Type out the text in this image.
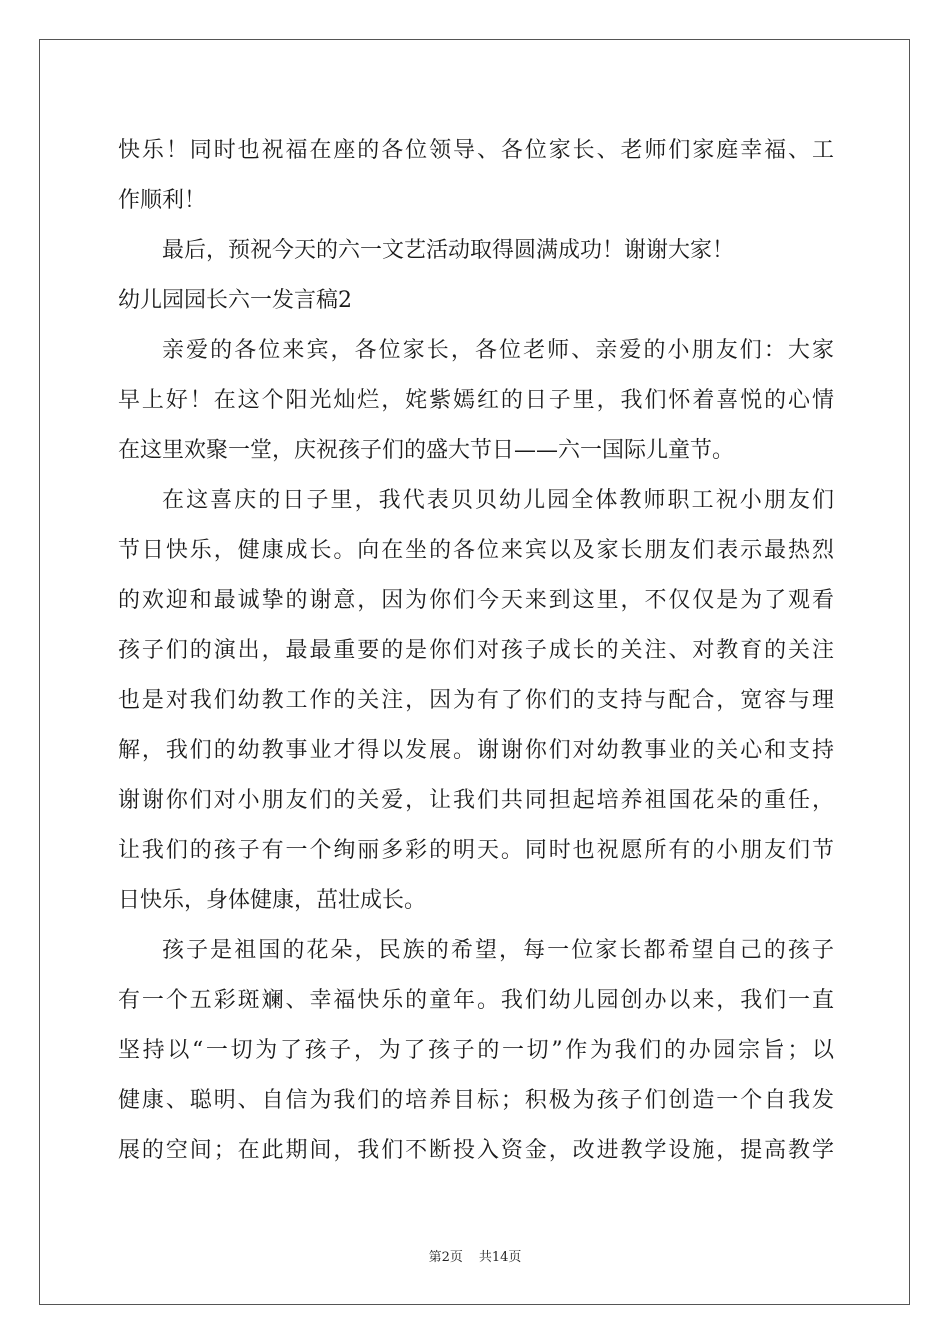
快乐！同时也祝福在座的各位领导、各位家长、老师们家庭幸福、工
作顺利！
最后，预祝今天的六一文艺活动取得圆满成功！谢谢大家！
幼儿园园长六一发言稿2
亲爱的各位来宾，各位家长，各位老师、亲爱的小朋友们：大家
早上好！在这个阳光灿烂，姹紫嫣红的日子里，我们怀着喜悦的心情
在这里欢聚一堂，庆祝孩子们的盛大节日——六一国际儿童节。
在这喜庆的日子里，我代表贝贝幼儿园全体教师职工祝小朋友们
节日快乐，健康成长。向在坐的各位来宾以及家长朋友们表示最热烈
的欢迎和最诚挚的谢意，因为你们今天来到这里，不仅仅是为了观看
孩子们的演出，最最重要的是你们对孩子成长的关注、对教育的关注
也是对我们幼教工作的关注，因为有了你们的支持与配合，宽容与理
解，我们的幼教事业才得以发展。谢谢你们对幼教事业的关心和支持
谢谢你们对小朋友们的关爱，让我们共同担起培养祖国花朵的重任，
让我们的孩子有一个绚丽多彩的明天。同时也祝愿所有的小朋友们节
日快乐，身体健康，茁壮成长。
孩子是祖国的花朵，民族的希望，每一位家长都希望自己的孩子
有一个五彩斑斓、幸福快乐的童年。我们幼儿园创办以来，我们一直
坚持以“一切为了孩子，为了孩子的一切”作为我们的办园宗旨；以
健康、聪明、自信为我们的培养目标；积极为孩子们创造一个自我发
展的空间；在此期间，我们不断投入资金，改进教学设施，提高教学
第2页 共14页
